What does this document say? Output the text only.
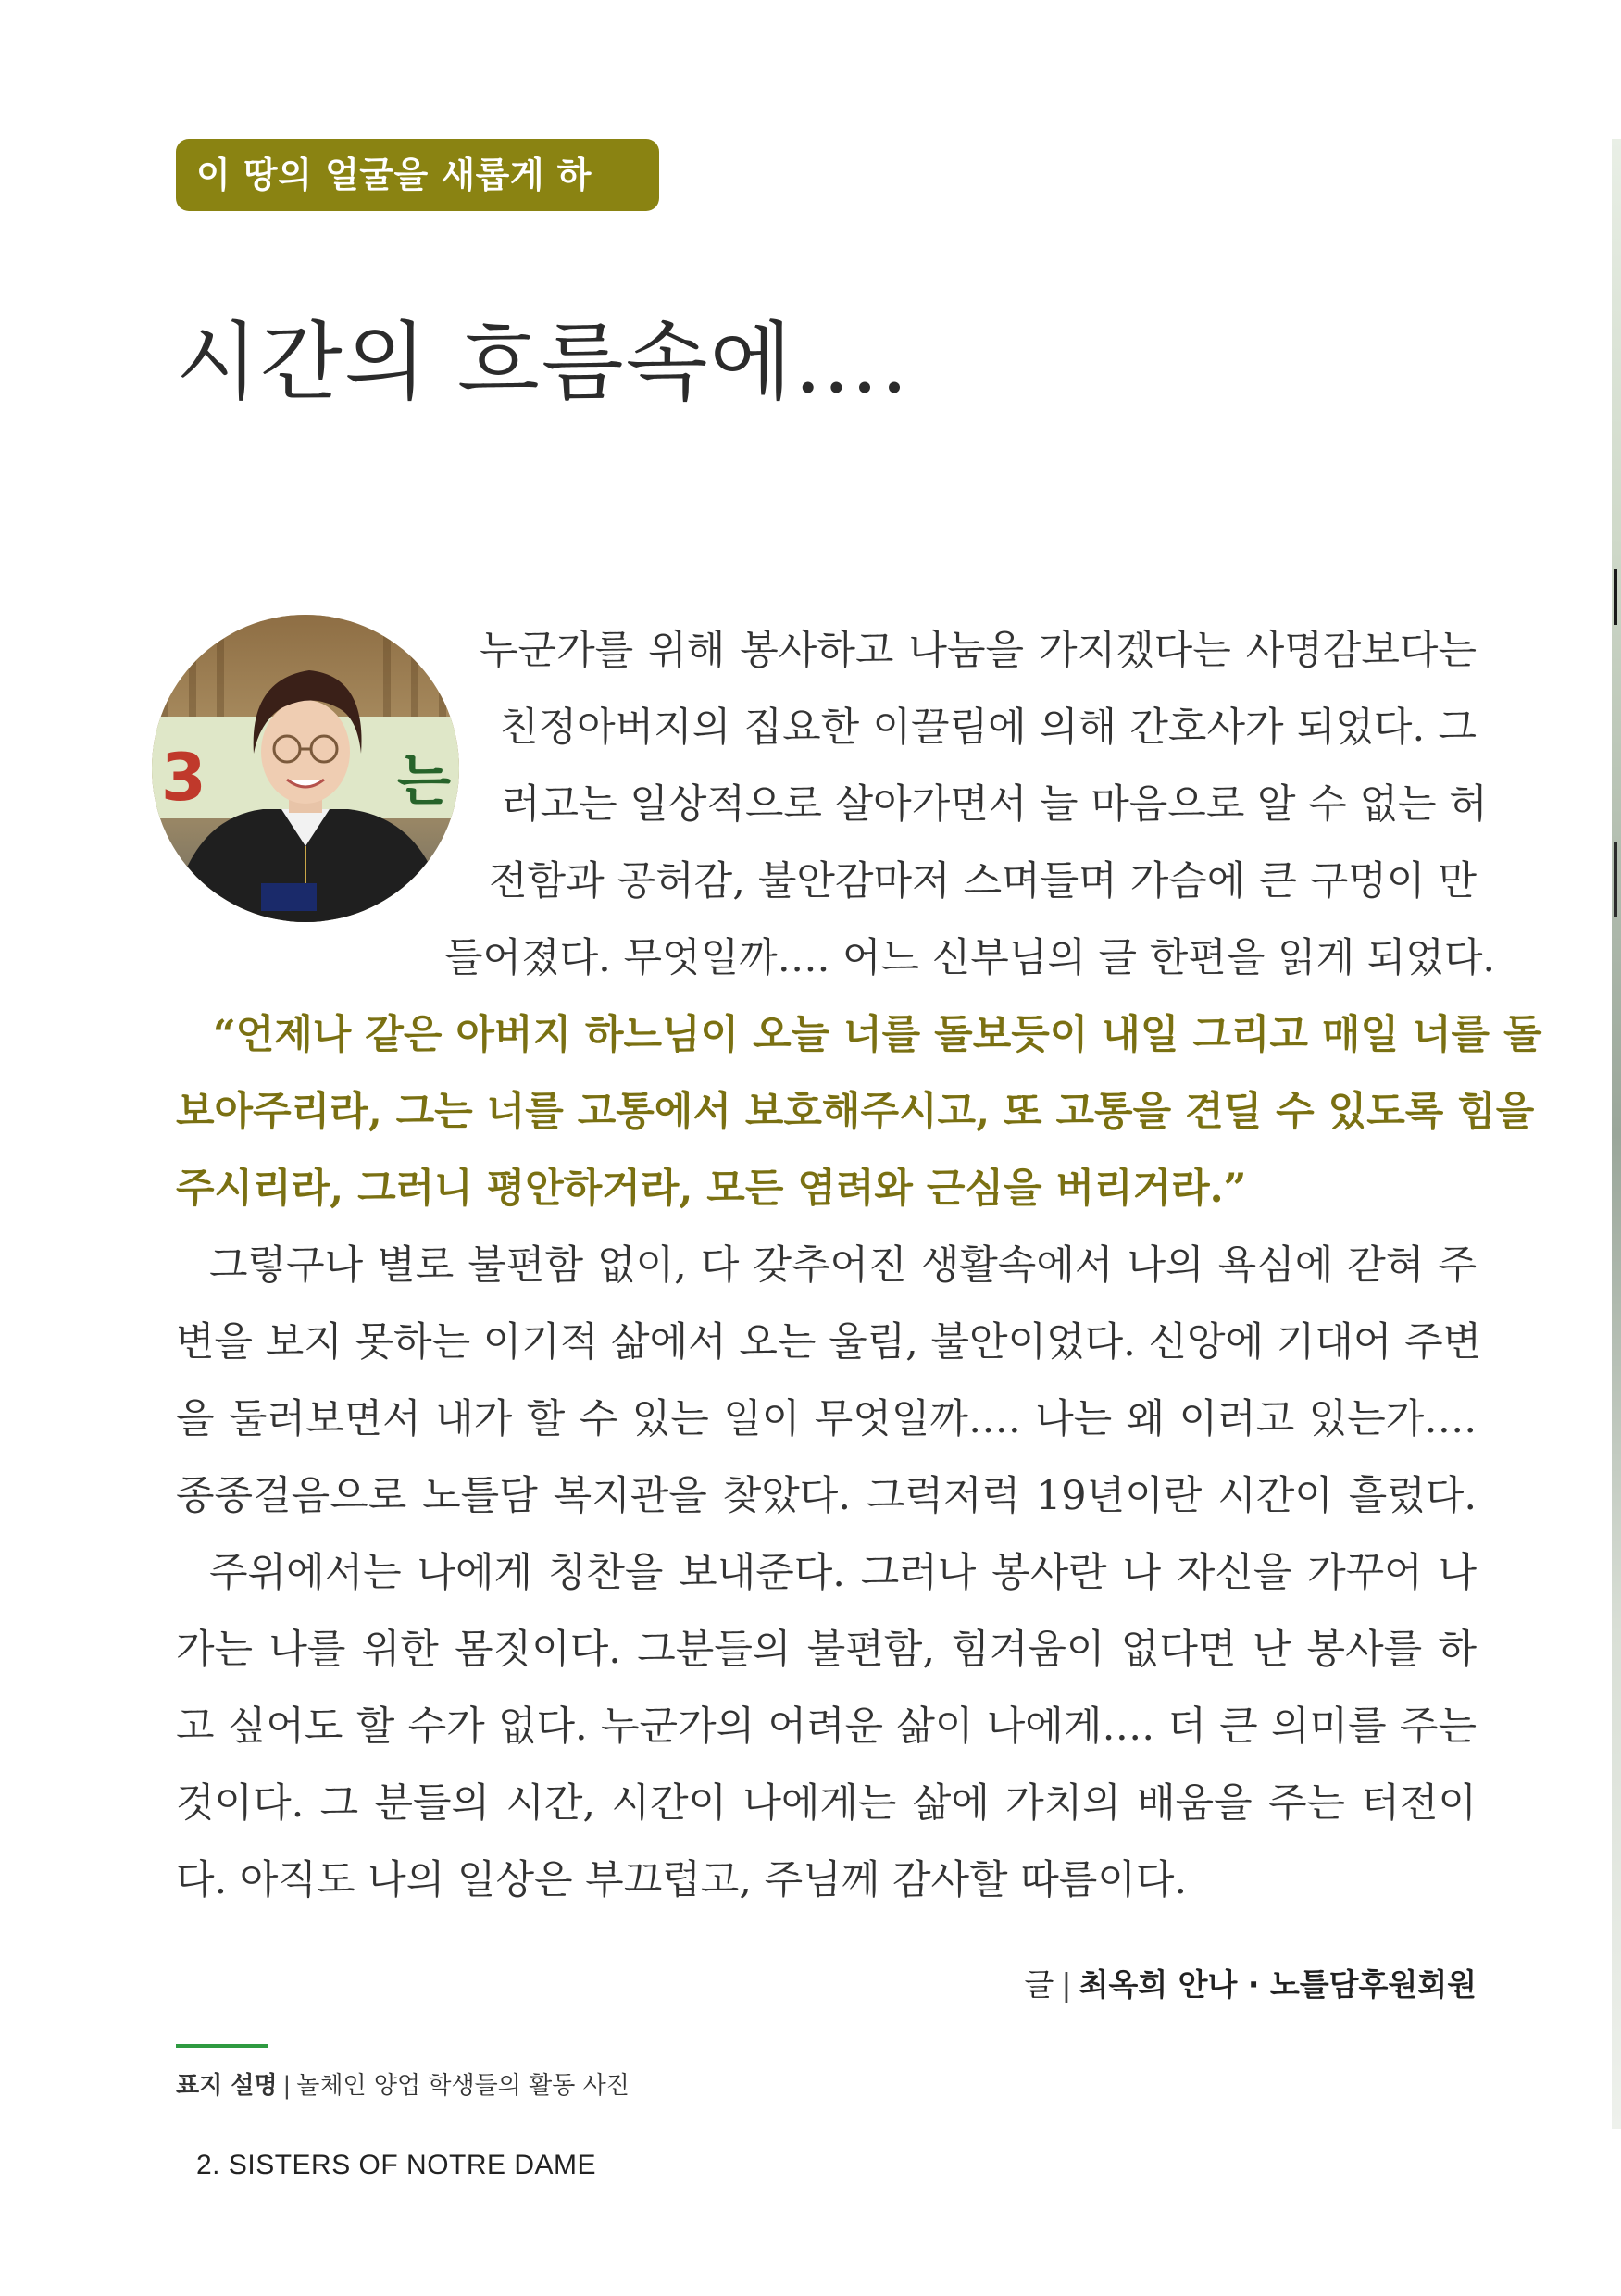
이 땅의 얼굴을 새롭게 하며…
시간의 흐름속에….
3	는
누군가를 위해 봉사하고 나눔을 가지겠다는 사명감보다는
친정아버지의 집요한 이끌림에 의해 간호사가 되었다. 그
러고는 일상적으로 살아가면서 늘 마음으로 알 수 없는 허
전함과 공허감, 불안감마저 스며들며 가슴에 큰 구멍이 만
들어졌다. 무엇일까…. 어느 신부님의 글 한편을 읽게 되었다.
“언제나 같은 아버지 하느님이 오늘 너를 돌보듯이 내일 그리고 매일 너를 돌
보아주리라, 그는 너를 고통에서 보호해주시고, 또 고통을 견딜 수 있도록 힘을
주시리라, 그러니 평안하거라, 모든 염려와 근심을 버리거라.”
그렇구나 별로 불편함 없이, 다 갖추어진 생활속에서 나의 욕심에 갇혀 주
변을 보지 못하는 이기적 삶에서 오는 울림, 불안이었다. 신앙에 기대어 주변
을 둘러보면서 내가 할 수 있는 일이 무엇일까…. 나는 왜 이러고 있는가….
종종걸음으로 노틀담 복지관을 찾았다. 그럭저럭 19년이란 시간이 흘렀다.
주위에서는 나에게 칭찬을 보내준다. 그러나 봉사란 나 자신을 가꾸어 나
가는 나를 위한 몸짓이다. 그분들의 불편함, 힘겨움이 없다면 난 봉사를 하
고 싶어도 할 수가 없다. 누군가의 어려운 삶이 나에게…. 더 큰 의미를 주는
것이다. 그 분들의 시간, 시간이 나에게는 삶에 가치의 배움을 주는 터전이
다. 아직도 나의 일상은 부끄럽고, 주님께 감사할 따름이다.
글 | 최옥희 안나 · 노틀담후원회원
표지 설명 | 놀체인 양업 학생들의 활동 사진
2. SISTERS OF NOTRE DAME
